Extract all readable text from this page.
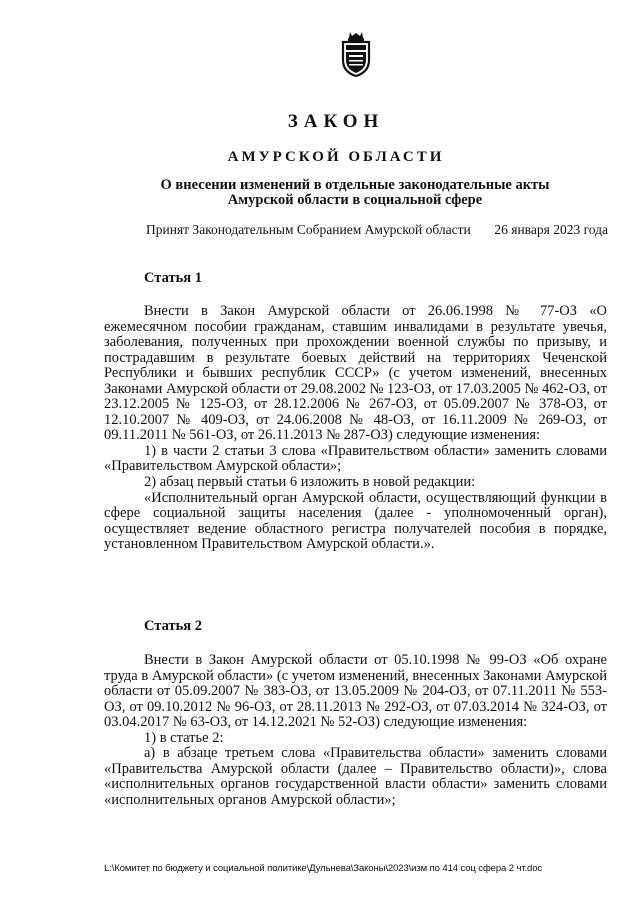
ЗАКОН
АМУРСКОЙ ОБЛАСТИ
О внесении изменений в отдельные законодательные акты
Амурской области в социальной сфере
Принят Законодательным Собранием Амурской области 26 января 2023 года
Статья 1

Внести в Закон Амурской области от 26.06.1998 № 77-ОЗ «О ежемесячном пособии гражданам, ставшим инвалидами в результате увечья, заболевания, полученных при прохождении военной службы по призыву, и пострадавшим в результате боевых действий на территориях Чеченской Республики и бывших республик СССР» (с учетом изменений, внесенных Законами Амурской области от 29.08.2002 № 123-ОЗ, от 17.03.2005 № 462-ОЗ, от 23.12.2005 № 125-ОЗ, от 28.12.2006 № 267-ОЗ, от 05.09.2007 № 378-ОЗ, от 12.10.2007 № 409-ОЗ, от 24.06.2008 № 48-ОЗ, от 16.11.2009 № 269-ОЗ, от 09.11.2011 № 561-ОЗ, от 26.11.2013 № 287-ОЗ) следующие изменения:

1) в части 2 статьи 3 слова «Правительством области» заменить словами «Правительством Амурской области»;

2) абзац первый статьи 6 изложить в новой редакции:

«Исполнительный орган Амурской области, осуществляющий функции в сфере социальной защиты населения (далее - уполномоченный орган), осуществляет ведение областного регистра получателей пособия в порядке, установленном Правительством Амурской области.».

Статья 2

Внести в Закон Амурской области от 05.10.1998 № 99-ОЗ «Об охране труда в Амурской области» (с учетом изменений, внесенных Законами Амурской области от 05.09.2007 № 383-ОЗ, от 13.05.2009 № 204-ОЗ, от 07.11.2011 № 553-ОЗ, от 09.10.2012 № 96-ОЗ, от 28.11.2013 № 292-ОЗ, от 07.03.2014 № 324-ОЗ, от 03.04.2017 № 63-ОЗ, от 14.12.2021 № 52-ОЗ) следующие изменения:

1) в статье 2:

а) в абзаце третьем слова «Правительства области» заменить словами «Правительства Амурской области (далее – Правительство области)», слова «исполнительных органов государственной власти области» заменить словами «исполнительных органов Амурской области»;

L:\Комитет по бюджету и социальной политике\Дульнева\Законы\2023\изм по 414 соц сфера 2 чт.doc
